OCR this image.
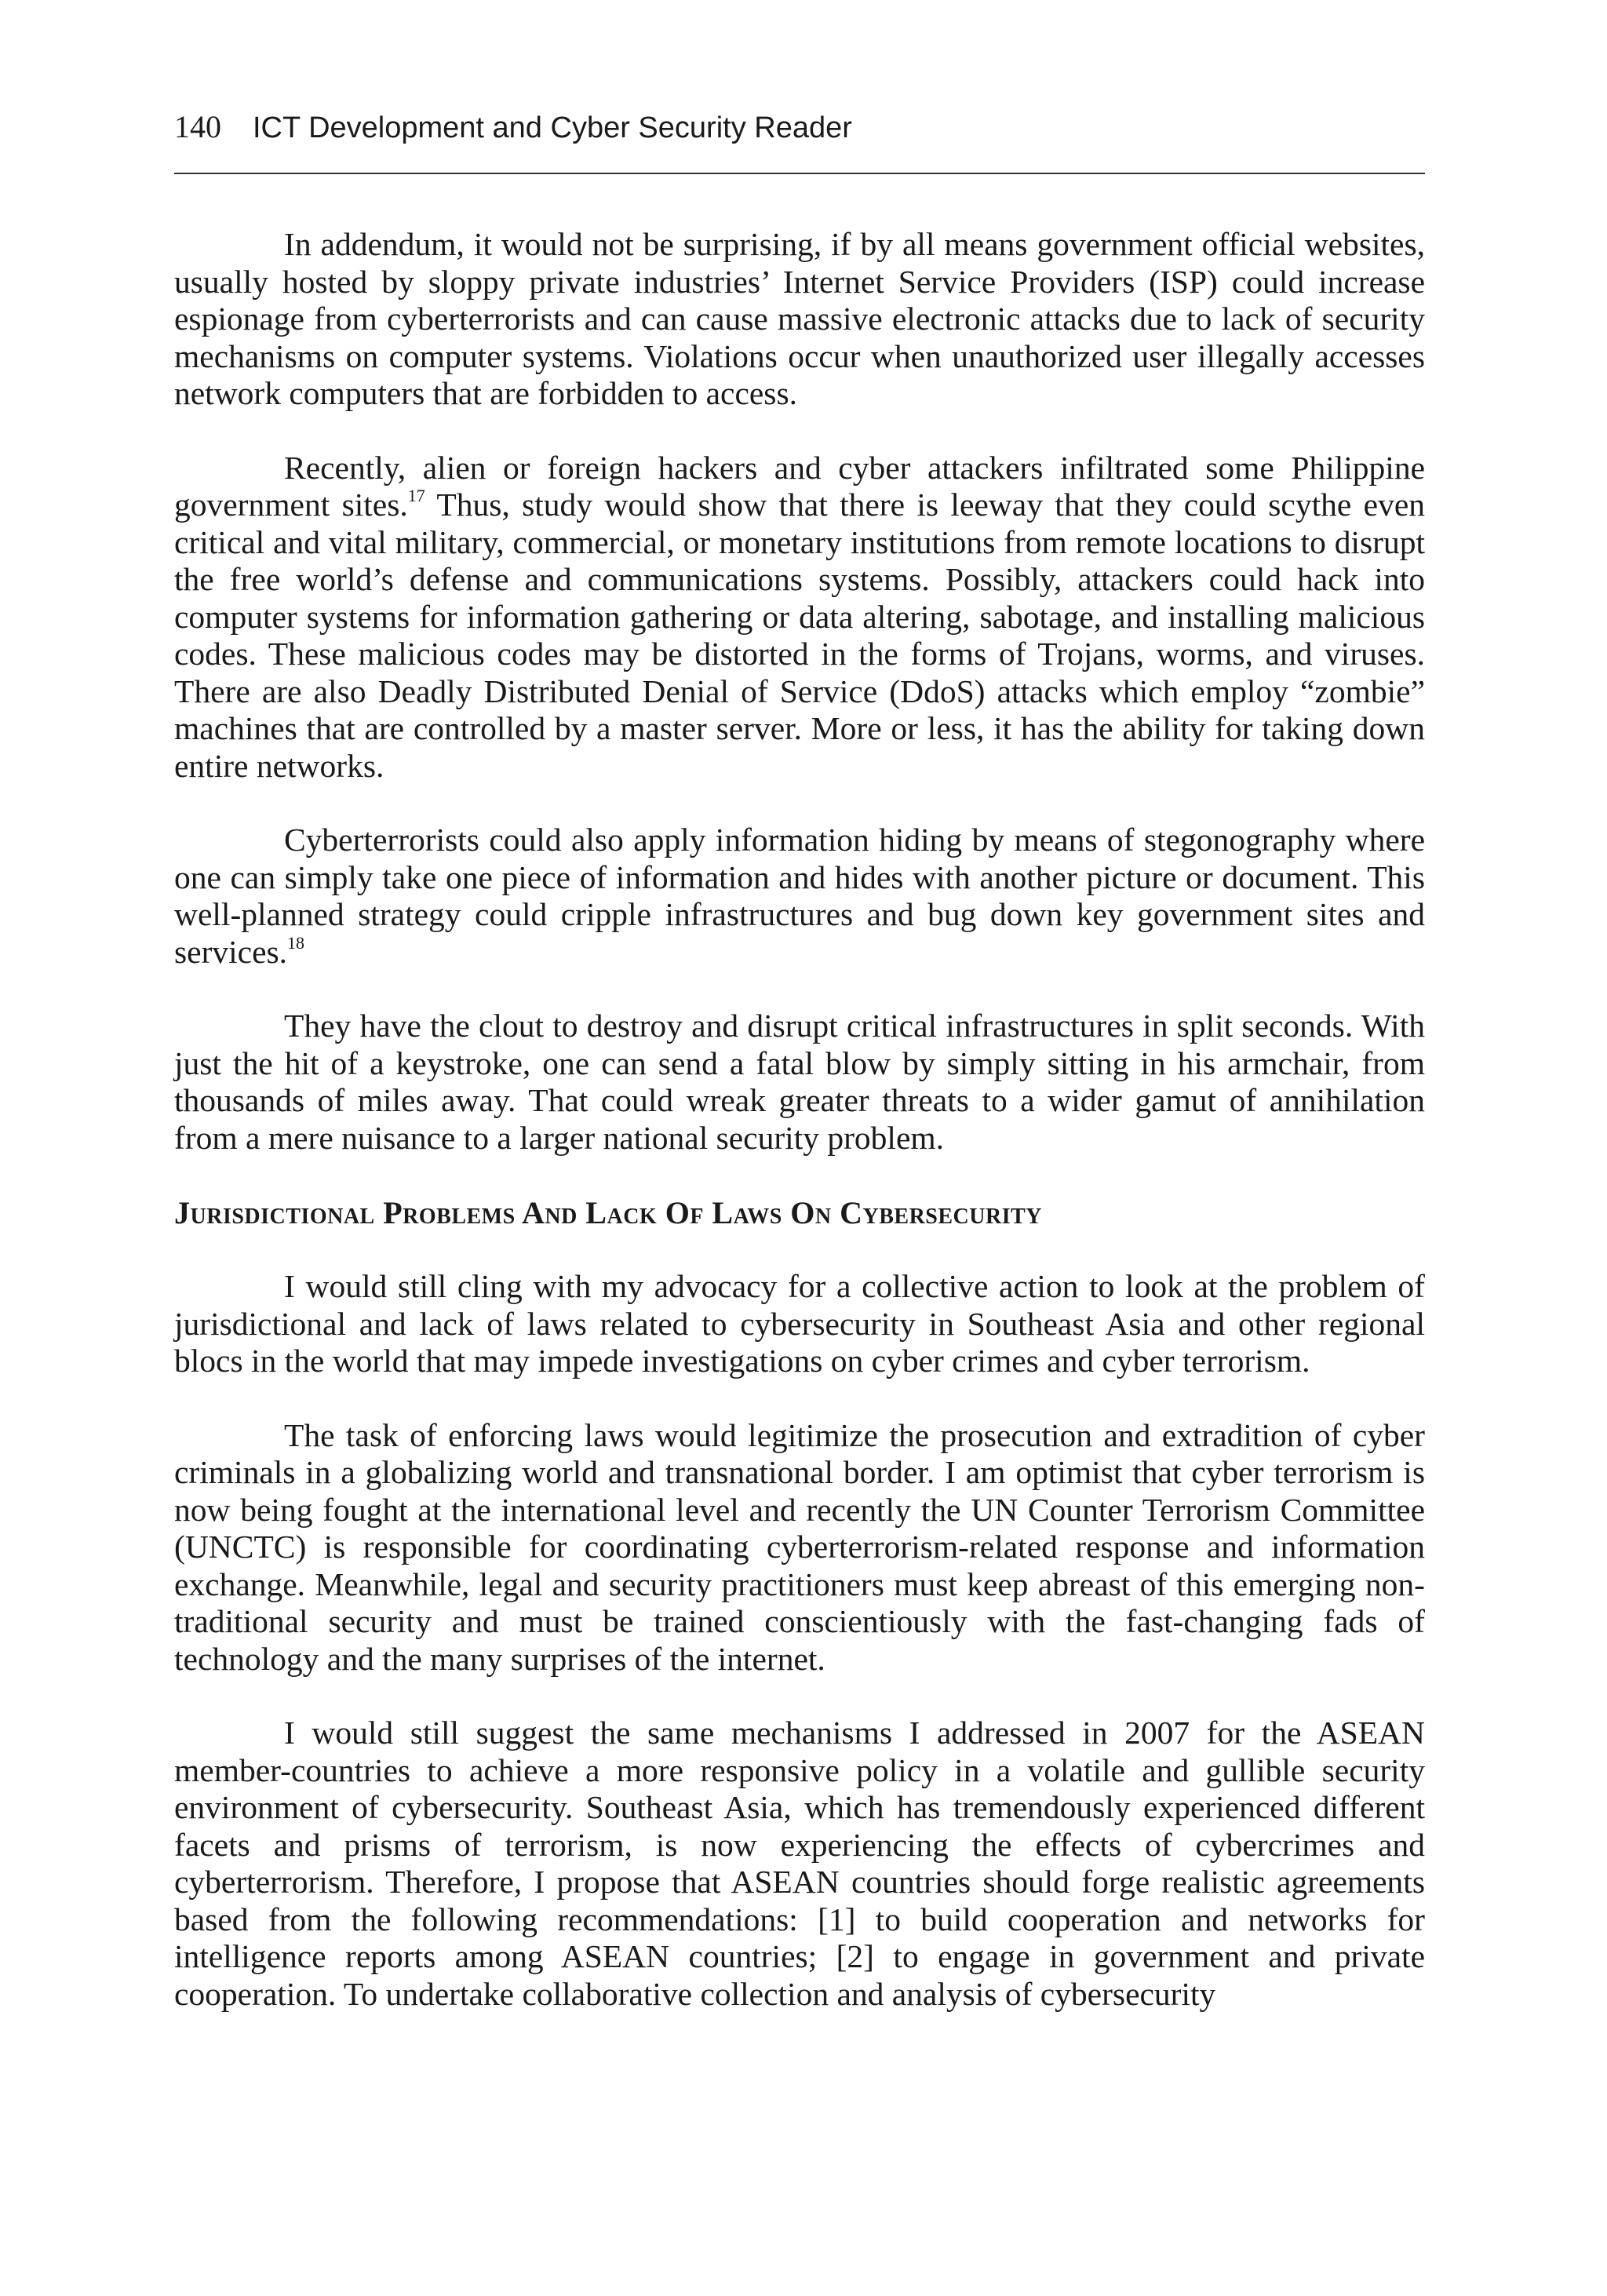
140 ICT Development and Cyber Security Reader

In addendum, it would not be surprising, if by all means government official websites, usually hosted by sloppy private industries’ Internet Service Providers (ISP) could increase espionage from cyberterrorists and can cause massive electronic attacks due to lack of security mechanisms on computer systems. Violations occur when unauthorized user illegally accesses network computers that are forbidden to access.

Recently, alien or foreign hackers and cyber attackers infiltrated some Philippine government sites.$^{17}$ Thus, study would show that there is leeway that they could scythe even critical and vital military, commercial, or monetary institutions from remote locations to disrupt the free world’s defense and communications systems. Possibly, attackers could hack into computer systems for information gathering or data altering, sabotage, and installing malicious codes. These malicious codes may be distorted in the forms of Trojans, worms, and viruses. There are also Deadly Distributed Denial of Service (DdoS) attacks which employ “zombie” machines that are controlled by a master server. More or less, it has the ability for taking down entire networks.

Cyberterrorists could also apply information hiding by means of stegonography where one can simply take one piece of information and hides with another picture or document. This well-planned strategy could cripple infrastructures and bug down key government sites and services.$^{18}$

They have the clout to destroy and disrupt critical infrastructures in split seconds. With just the hit of a keystroke, one can send a fatal blow by simply sitting in his armchair, from thousands of miles away. That could wreak greater threats to a wider gamut of annihilation from a mere nuisance to a larger national security problem.

Jurisdictional Problems And Lack Of Laws On Cybersecurity

I would still cling with my advocacy for a collective action to look at the problem of jurisdictional and lack of laws related to cybersecurity in Southeast Asia and other regional blocs in the world that may impede investigations on cyber crimes and cyber terrorism.

The task of enforcing laws would legitimize the prosecution and extradition of cyber criminals in a globalizing world and transnational border. I am optimist that cyber terrorism is now being fought at the international level and recently the UN Counter Terrorism Committee (UNCTC) is responsible for coordinating cyberterrorism-related response and information exchange. Meanwhile, legal and security practitioners must keep abreast of this emerging non-traditional security and must be trained conscientiously with the fast-changing fads of technology and the many surprises of the internet.

I would still suggest the same mechanisms I addressed in 2007 for the ASEAN member-countries to achieve a more responsive policy in a volatile and gullible security environment of cybersecurity. Southeast Asia, which has tremendously experienced different facets and prisms of terrorism, is now experiencing the effects of cybercrimes and cyberterrorism. Therefore, I propose that ASEAN countries should forge realistic agreements based from the following recommendations: [1] to build cooperation and networks for intelligence reports among ASEAN countries; [2] to engage in government and private cooperation. To undertake collaborative collection and analysis of cybersecurity
